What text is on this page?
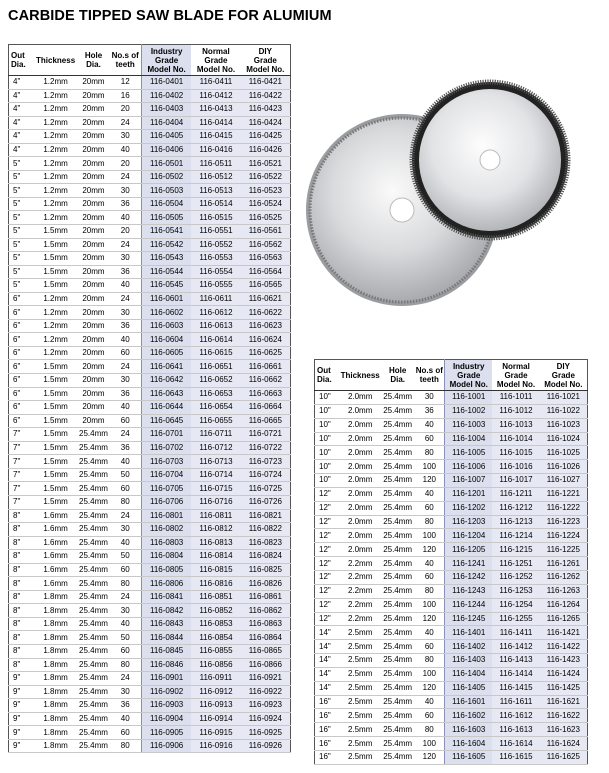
CARBIDE TIPPED SAW BLADE FOR ALUMIUM
Out
Dia.	Thickness	Hole
Dia.	No.s of
teeth	Industry
Grade
Model No.	Normal
Grade
Model No.	DIY
Grade
Model No.
4"	1.2mm	20mm	12	116-0401	116-0411	116-0421
4"	1.2mm	20mm	16	116-0402	116-0412	116-0422
4"	1.2mm	20mm	20	116-0403	116-0413	116-0423
4"	1.2mm	20mm	24	116-0404	116-0414	116-0424
4"	1.2mm	20mm	30	116-0405	116-0415	116-0425
4"	1.2mm	20mm	40	116-0406	116-0416	116-0426
5"	1.2mm	20mm	20	116-0501	116-0511	116-0521
5"	1.2mm	20mm	24	116-0502	116-0512	116-0522
5"	1.2mm	20mm	30	116-0503	116-0513	116-0523
5"	1.2mm	20mm	36	116-0504	116-0514	116-0524
5"	1.2mm	20mm	40	116-0505	116-0515	116-0525
5"	1.5mm	20mm	20	116-0541	116-0551	116-0561
5"	1.5mm	20mm	24	116-0542	116-0552	116-0562
5"	1.5mm	20mm	30	116-0543	116-0553	116-0563
5"	1.5mm	20mm	36	116-0544	116-0554	116-0564
5"	1.5mm	20mm	40	116-0545	116-0555	116-0565
6"	1.2mm	20mm	24	116-0601	116-0611	116-0621
6"	1.2mm	20mm	30	116-0602	116-0612	116-0622
6"	1.2mm	20mm	36	116-0603	116-0613	116-0623
6"	1.2mm	20mm	40	116-0604	116-0614	116-0624
6"	1.2mm	20mm	60	116-0605	116-0615	116-0625
6"	1.5mm	20mm	24	116-0641	116-0651	116-0661
6"	1.5mm	20mm	30	116-0642	116-0652	116-0662
6"	1.5mm	20mm	36	116-0643	116-0653	116-0663
6"	1.5mm	20mm	40	116-0644	116-0654	116-0664
6"	1.5mm	20mm	60	116-0645	116-0655	116-0665
7"	1.5mm	25.4mm	24	116-0701	116-0711	116-0721
7"	1.5mm	25.4mm	36	116-0702	116-0712	116-0722
7"	1.5mm	25.4mm	40	116-0703	116-0713	116-0723
7"	1.5mm	25.4mm	50	116-0704	116-0714	116-0724
7"	1.5mm	25.4mm	60	116-0705	116-0715	116-0725
7"	1.5mm	25.4mm	80	116-0706	116-0716	116-0726
8"	1.6mm	25.4mm	24	116-0801	116-0811	116-0821
8"	1.6mm	25.4mm	30	116-0802	116-0812	116-0822
8"	1.6mm	25.4mm	40	116-0803	116-0813	116-0823
8"	1.6mm	25.4mm	50	116-0804	116-0814	116-0824
8"	1.6mm	25.4mm	60	116-0805	116-0815	116-0825
8"	1.6mm	25.4mm	80	116-0806	116-0816	116-0826
8"	1.8mm	25.4mm	24	116-0841	116-0851	116-0861
8"	1.8mm	25.4mm	30	116-0842	116-0852	116-0862
8"	1.8mm	25.4mm	40	116-0843	116-0853	116-0863
8"	1.8mm	25.4mm	50	116-0844	116-0854	116-0864
8"	1.8mm	25.4mm	60	116-0845	116-0855	116-0865
8"	1.8mm	25.4mm	80	116-0846	116-0856	116-0866
9"	1.8mm	25.4mm	24	116-0901	116-0911	116-0921
9"	1.8mm	25.4mm	30	116-0902	116-0912	116-0922
9"	1.8mm	25.4mm	36	116-0903	116-0913	116-0923
9"	1.8mm	25.4mm	40	116-0904	116-0914	116-0924
9"	1.8mm	25.4mm	60	116-0905	116-0915	116-0925
9"	1.8mm	25.4mm	80	116-0906	116-0916	116-0926
Out
Dia.	Thickness	Hole
Dia.	No.s of
teeth	Industry
Grade
Model No.	Normal
Grade
Model No.	DIY
Grade
Model No.
10"	2.0mm	25.4mm	30	116-1001	116-1011	116-1021
10"	2.0mm	25.4mm	36	116-1002	116-1012	116-1022
10"	2.0mm	25.4mm	40	116-1003	116-1013	116-1023
10"	2.0mm	25.4mm	60	116-1004	116-1014	116-1024
10"	2.0mm	25.4mm	80	116-1005	116-1015	116-1025
10"	2.0mm	25.4mm	100	116-1006	116-1016	116-1026
10"	2.0mm	25.4mm	120	116-1007	116-1017	116-1027
12"	2.0mm	25.4mm	40	116-1201	116-1211	116-1221
12"	2.0mm	25.4mm	60	116-1202	116-1212	116-1222
12"	2.0mm	25.4mm	80	116-1203	116-1213	116-1223
12"	2.0mm	25.4mm	100	116-1204	116-1214	116-1224
12"	2.0mm	25.4mm	120	116-1205	116-1215	116-1225
12"	2.2mm	25.4mm	40	116-1241	116-1251	116-1261
12"	2.2mm	25.4mm	60	116-1242	116-1252	116-1262
12"	2.2mm	25.4mm	80	116-1243	116-1253	116-1263
12"	2.2mm	25.4mm	100	116-1244	116-1254	116-1264
12"	2.2mm	25.4mm	120	116-1245	116-1255	116-1265
14"	2.5mm	25.4mm	40	116-1401	116-1411	116-1421
14"	2.5mm	25.4mm	60	116-1402	116-1412	116-1422
14"	2.5mm	25.4mm	80	116-1403	116-1413	116-1423
14"	2.5mm	25.4mm	100	116-1404	116-1414	116-1424
14"	2.5mm	25.4mm	120	116-1405	116-1415	116-1425
16"	2.5mm	25.4mm	40	116-1601	116-1611	116-1621
16"	2.5mm	25.4mm	60	116-1602	116-1612	116-1622
16"	2.5mm	25.4mm	80	116-1603	116-1613	116-1623
16"	2.5mm	25.4mm	100	116-1604	116-1614	116-1624
16"	2.5mm	25.4mm	120	116-1605	116-1615	116-1625
